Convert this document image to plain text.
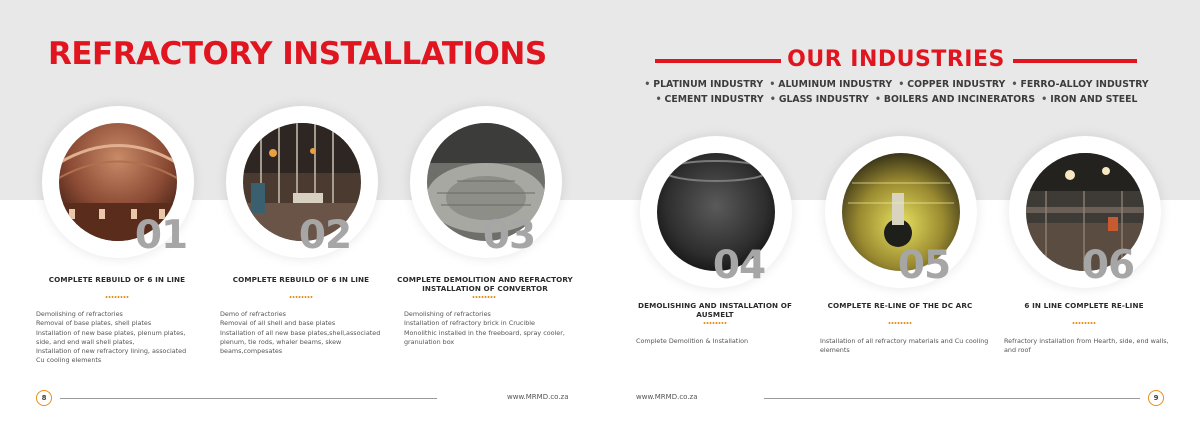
REFRACTORY INSTALLATIONS
01
COMPLETE REBUILD OF 6 IN LINE
Demolishing of refractories
Removal of base plates, shell plates
Installation of new base plates, plenum plates,
side, and end wall shell plates,
Installation of new refractory lining, associated
Cu cooling elements
02
COMPLETE REBUILD OF 6 IN LINE
Demo of refractories
Removal of all shell and base plates
Installation of all new base plates,shell,associated
plenum, tie rods, whaler beams, skew
beams,compesates
03
COMPLETE DEMOLITION AND REFRACTORY INSTALLATION OF CONVERTOR
Demolishing of refractories
Installation of refractory brick in Crucible
Monolithic installed in the freeboard, spray cooler,
granulation box
8	www.MRMD.co.za
OUR INDUSTRIES
• PLATINUM INDUSTRY • ALUMINUM INDUSTRY • COPPER INDUSTRY • FERRO-ALLOY INDUSTRY
• CEMENT INDUSTRY • GLASS INDUSTRY • BOILERS AND INCINERATORS • IRON AND STEEL
04
DEMOLISHING AND INSTALLATION OF AUSMELT
Complete Demolition & Installation
05
COMPLETE RE-LINE OF THE DC ARC
Installation of all refractory materials and Cu cooling
elements
06
6 IN LINE COMPLETE RE-LINE
Refractory installation from Hearth, side, end walls,
and roof
www.MRMD.co.za	9
